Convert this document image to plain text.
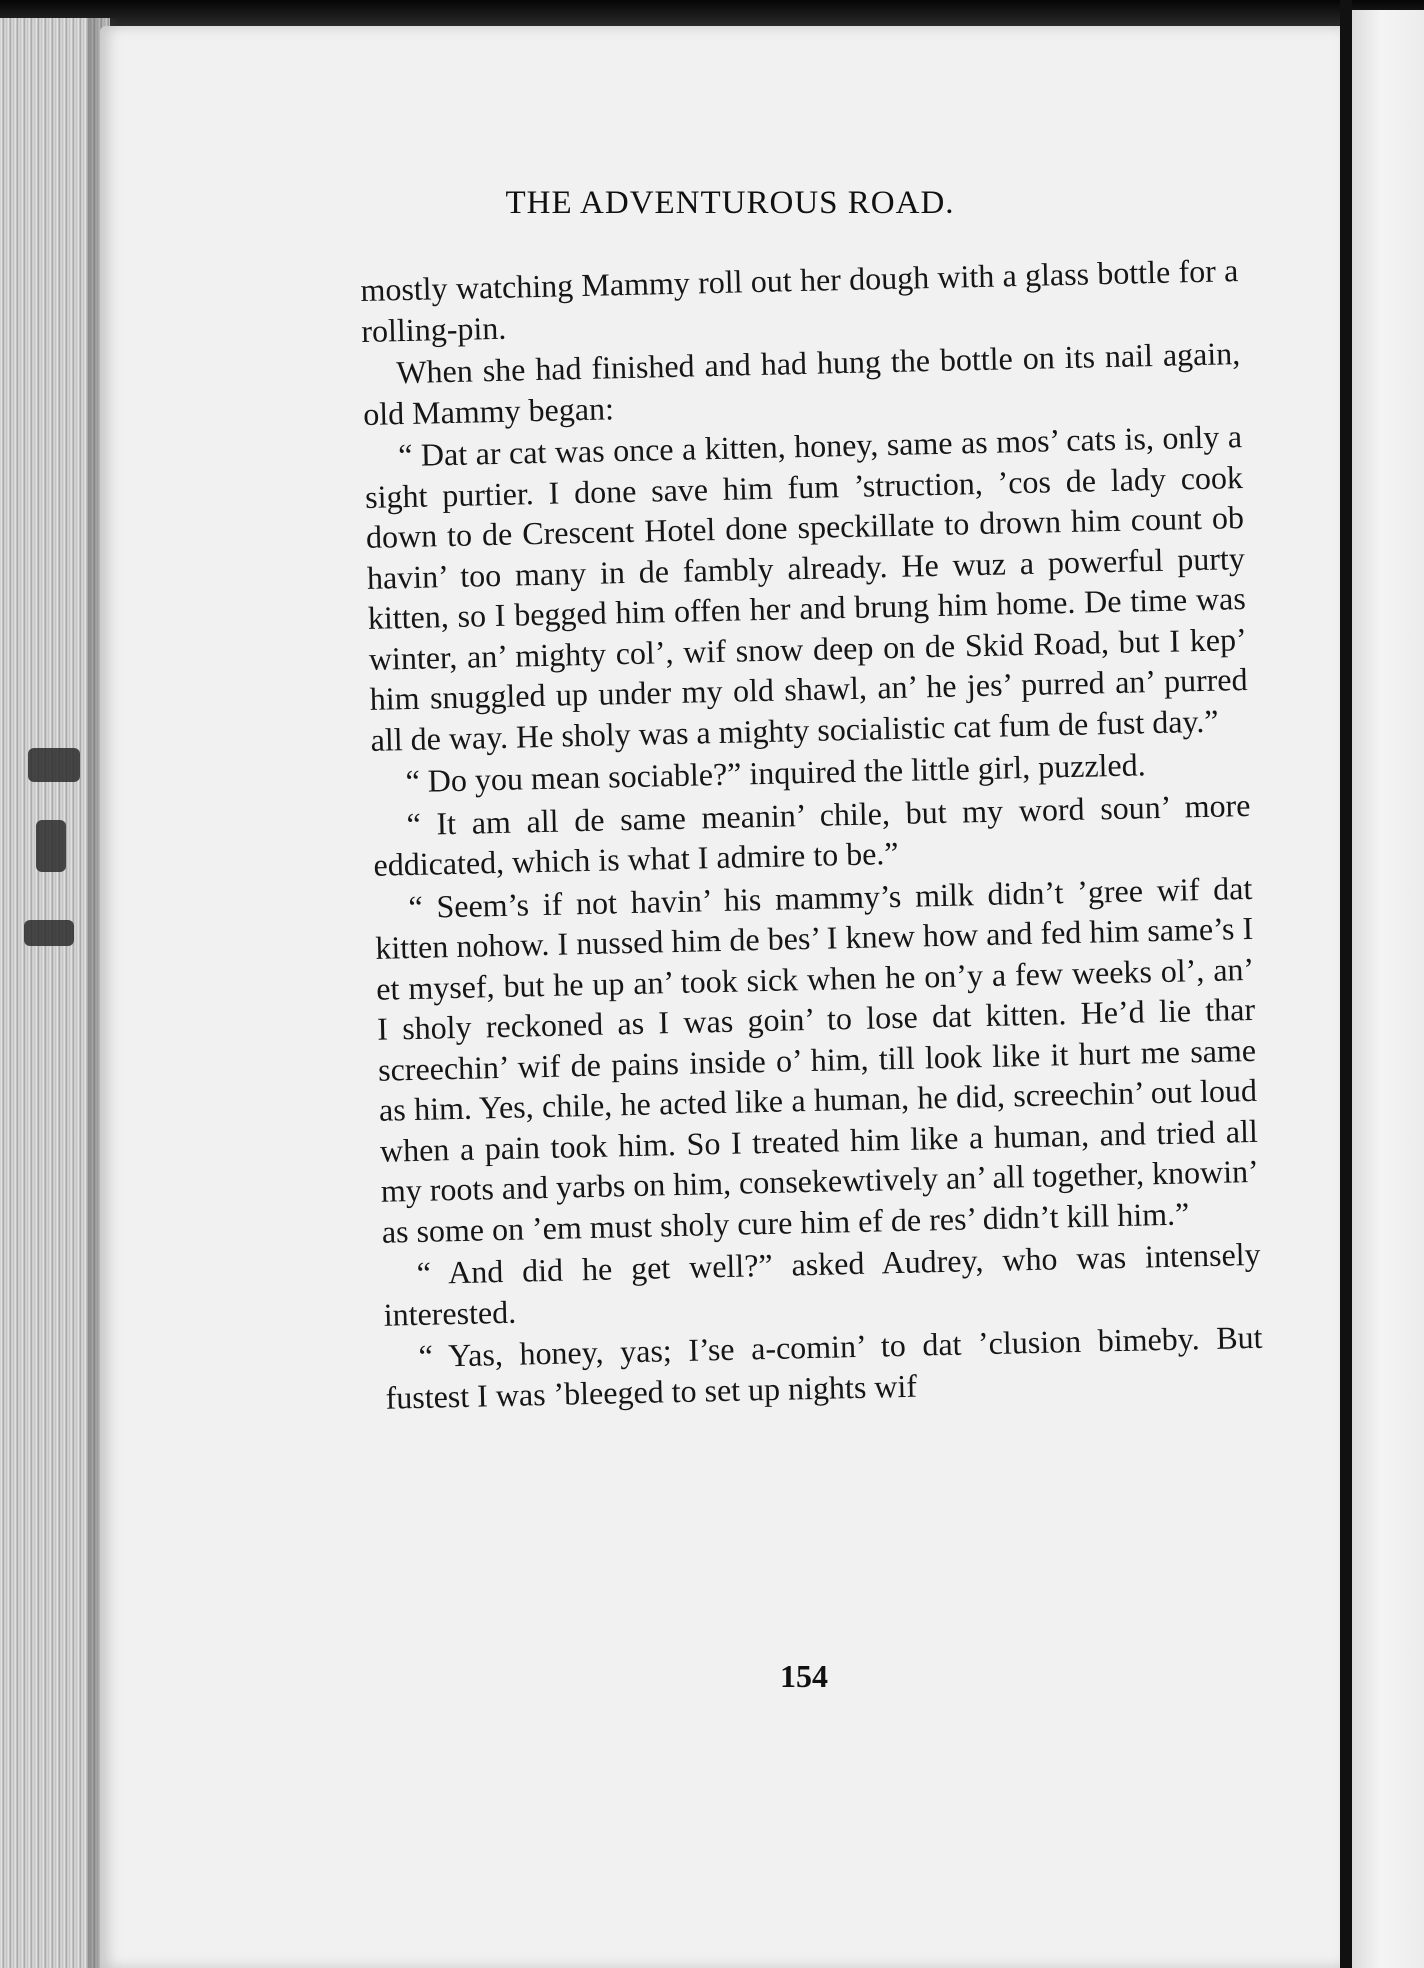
THE ADVENTUROUS ROAD.

mostly watching Mammy roll out her dough with a glass bottle for a rolling-pin.

When she had finished and had hung the bottle on its nail again, old Mammy began:

“ Dat ar cat was once a kitten, honey, same as mos’ cats is, only a sight purtier. I done save him fum ’struction, ’cos de lady cook down to de Crescent Hotel done speckillate to drown him count ob havin’ too many in de fambly already. He wuz a powerful purty kitten, so I begged him offen her and brung him home. De time was winter, an’ mighty col’, wif snow deep on de Skid Road, but I kep’ him snuggled up under my old shawl, an’ he jes’ purred an’ purred all de way. He sholy was a mighty socialistic cat fum de fust day.”

“ Do you mean sociable?” inquired the little girl, puzzled.

“ It am all de same meanin’ chile, but my word soun’ more eddicated, which is what I admire to be.”

“ Seem’s if not havin’ his mammy’s milk didn’t ’gree wif dat kitten nohow. I nussed him de bes’ I knew how and fed him same’s I et mysef, but he up an’ took sick when he on’y a few weeks ol’, an’ I sholy reckoned as I was goin’ to lose dat kitten. He’d lie thar screechin’ wif de pains inside o’ him, till look like it hurt me same as him. Yes, chile, he acted like a human, he did, screechin’ out loud when a pain took him. So I treated him like a human, and tried all my roots and yarbs on him, consekewtively an’ all together, knowin’ as some on ’em must sholy cure him ef de res’ didn’t kill him.”

“ And did he get well?” asked Audrey, who was intensely interested.

“ Yas, honey, yas; I’se a-comin’ to dat ’clusion bimeby. But fustest I was ’bleeged to set up nights wif

154
